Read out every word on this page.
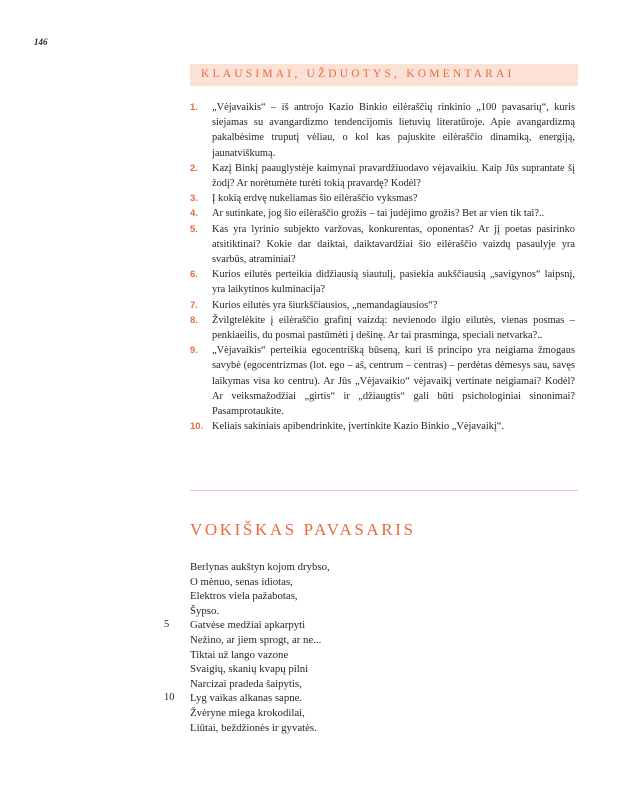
146
KLAUSIMAI, UŽDUOTYS, KOMENTARAI
1.	„Vėjavaikis“ – iš antrojo Kazio Binkio eilėraščių rinkinio „100 pavasarių“, kuris siejamas su avangardizmo tendencijomis lietuvių literatūroje. Apie avangardizmą pakalbėsime truputį vėliau, o kol kas pajuskite eilėraščio dinamiką, energiją, jaunatviškumą.
2.	Kazį Binkį paauglystėje kaimynai pravardžiuodavo vėjavaikiu. Kaip Jūs suprantate šį žodį? Ar norėtumėte turėti tokią pravardę? Kodėl?
3.	Į kokią erdvę nukeliamas šio eilėraščio vyksmas?
4.	Ar sutinkate, jog šio eilėraščio grožis – tai judėjimo grožis? Bet ar vien tik tai?..
5.	Kas yra lyrinio subjekto varžovas, konkurentas, oponentas? Ar jį poetas pasirinko atsitiktinai? Kokie dar daiktai, daiktavardžiai šio eilėraščio vaizdų pasaulyje yra svarbūs, atraminiai?
6.	Kurios eilutės perteikia didžiausią siautulį, pasiekia aukščiausią „savigynos“ laipsnį, yra laikytinos kulminacija?
7.	Kurios eilutės yra šiurkščiausios, „nemandagiausios“?
8.	Žvilgtelėkite į eilėraščio grafinį vaizdą: nevienodo ilgio eilutės, vienas posmas – penkiaeilis, du posmai pastūmėti į dešinę. Ar tai prasminga, speciali netvarka?..
9.	„Vėjavaikis“ perteikia egocentrišką būseną, kuri iš principo yra neigiama žmogaus savybė (egocentrizmas (lot. ego – aš, centrum – centras) – perdėtas dėmesys sau, savęs laikymas visa ko centru). Ar Jūs „Vėjavaikio“ vėjavaikį vertinate neigiamai? Kodėl? Ar veiksmažodžiai „girtis“ ir „džiaugtis“ gali būti psichologiniai sinonimai? Pasamprotaukite.
10. Keliais sakiniais apibendrinkite, įvertinkite Kazio Binkio „Vėjavaikį“.
VOKIŠKAS PAVASARIS
Berlynas aukštyn kojom drybso,
O mėnuo, senas idiotas,
Elektros viela pažabotas,
Šypso.
5 Gatvėse medžiai apkarpyti
Nežino, ar jiem sprogt, ar ne...
Tiktai už lango vazone
Svaigių, skanių kvapų pilni
Narcizai pradeda šaipytis,
10 Lyg vaikas alkanas sapne.
Žvėryne miega krokodilai,
Liūtai, beždžionės ir gyvatės.
